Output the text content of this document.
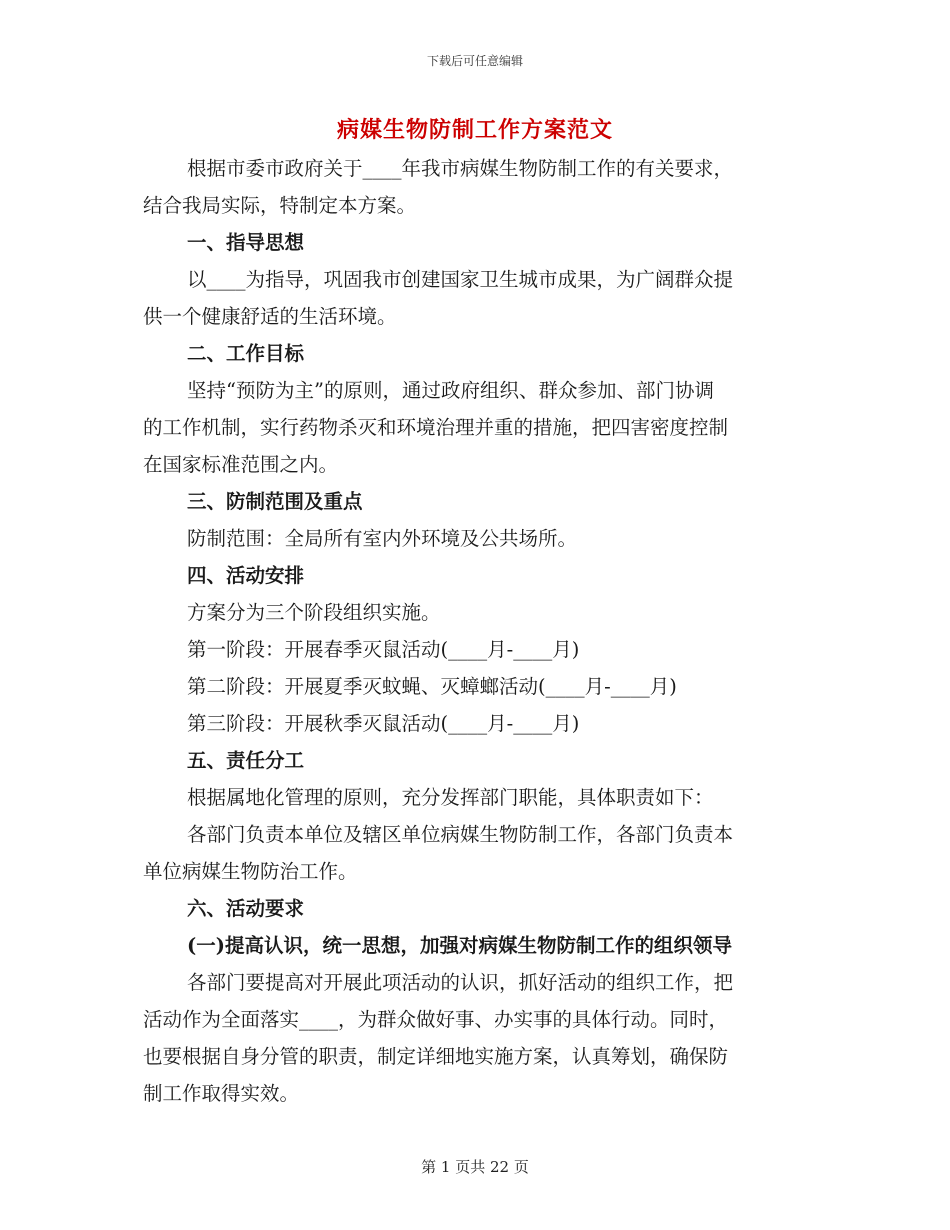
下载后可任意编辑
病媒生物防制工作方案范文
根据市委市政府关于____年我市病媒生物防制工作的有关要求，
结合我局实际，特制定本方案。
一、指导思想
以____为指导，巩固我市创建国家卫生城市成果，为广阔群众提
供一个健康舒适的生活环境。
二、工作目标
坚持“预防为主”的原则，通过政府组织、群众参加、部门协调
的工作机制，实行药物杀灭和环境治理并重的措施，把四害密度控制
在国家标准范围之内。
三、防制范围及重点
防制范围：全局所有室内外环境及公共场所。
四、活动安排
方案分为三个阶段组织实施。
第一阶段：开展春季灭鼠活动(____月-____月)
第二阶段：开展夏季灭蚊蝇、灭蟑螂活动(____月-____月)
第三阶段：开展秋季灭鼠活动(____月-____月)
五、责任分工
根据属地化管理的原则，充分发挥部门职能，具体职责如下：
各部门负责本单位及辖区单位病媒生物防制工作，各部门负责本
单位病媒生物防治工作。
六、活动要求
(一)提高认识，统一思想，加强对病媒生物防制工作的组织领导
各部门要提高对开展此项活动的认识，抓好活动的组织工作，把
活动作为全面落实____，为群众做好事、办实事的具体行动。同时，
也要根据自身分管的职责，制定详细地实施方案，认真筹划，确保防
制工作取得实效。
第 1 页共 22 页
